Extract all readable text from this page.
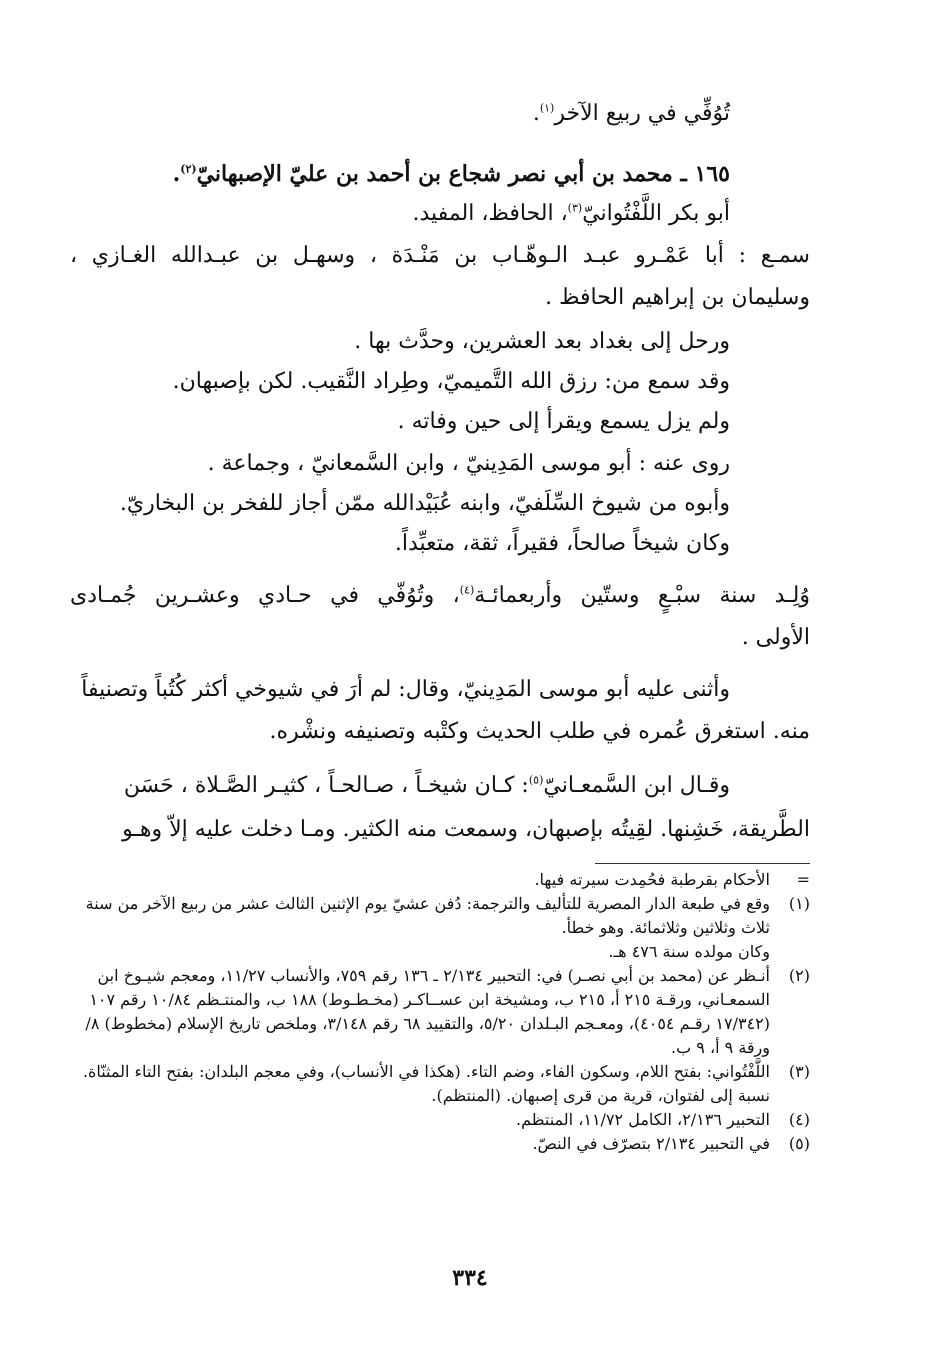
تُوُفِّي في ربيع الآخر$^{(١)}$.
١٦٥ ـ محمد بن أبي نصر شجاع بن أحمد بن عليّ الإصبهانيّ$^{(٢)}$.
أبو بكر اللَّفْتُوانيّ$^{(٣)}$، الحافظ، المفيد.
سمـع : أبا عَمْـرو عبـد الـوهّـاب بن مَنْـدَة ، وسهـل بن عبـدالله الغـازي ،
وسليمان بن إبراهيم الحافظ .
ورحل إلى بغداد بعد العشرين، وحدَّث بها .
وقد سمع من: رزق الله التَّميميّ، وطِراد النَّقيب. لكن بإصبهان.
ولم يزل يسمع ويقرأ إلى حين وفاته .
روى عنه : أبو موسى المَدِينيّ ، وابن السَّمعانيّ ، وجماعة .
وأبوه من شيوخ السِّلَفيّ، وابنه عُبَيْدالله ممّن أجاز للفخر بن البخاريّ.
وكان شيخاً صالحاً، فقيراً، ثقة، متعبِّداً.
وُلِـد سنة سبْـعٍ وستّين وأربعمائـة$^{(٤)}$، وتُوُفّي في حـادي وعشـرين جُمـادى
الأولى .
وأثنى عليه أبو موسى المَدِينيّ، وقال: لم أرَ في شيوخي أكثر كُتُباً وتصنيفاً
منه. استغرق عُمره في طلب الحديث وكتْبه وتصنيفه ونشْره.
وقـال ابن السَّمعـانيّ$^{(٥)}$: كـان شيخـاً ، صـالحـاً ، كثيـر الصَّـلاة ، حَسَن
الطَّريقة، خَشِنها. لقِيتُه بإصبهان، وسمعت منه الكثير. ومـا دخلت عليه إلاّ وهـو
=
الأحكام بقرطبة فحُمِدت سيرته فيها.
(١)
وقع في طبعة الدار المصرية للتأليف والترجمة: دُفن عشيّ يوم الإثنين الثالث عشر من ربيع الآخر من سنة ثلاث وثلاثين وثلاثمائة. وهو خطأ.
وكان مولده سنة ٤٧٦ هـ.
(٢)
أنـظر عن (محمد بن أبي نصـر) في: التحبير ٢/١٣٤ ـ ١٣٦ رقم ٧٥٩، والأنساب ١١/٢٧، ومعجم شيـوخ ابن السمعـاني، ورقـة ٢١٥ أ، ٢١٥ ب، ومشيخة ابن عســاكـر (مخـطـوط) ١٨٨ ب، والمنتـظم ١٠/٨٤ رقم ١٠٧ (١٧/٣٤٢ رقـم ٤٠٥٤)، ومعـجم البـلدان ٥/٢٠، والتقييد ٦٨ رقم ٣/١٤٨، وملخص تاريخ الإسلام (مخطوط) ٨/ ورقة ٩ أ، ٩ ب.
(٣)
اللَّفْتُواني: بفتح اللام، وسكون الفاء، وضم التاء. (هكذا في الأنساب)، وفي معجم البلدان: بفتح التاء المثنّاة. نسبة إلى لفتوان، قرية من قرى إصبهان. (المنتظم).
(٤)
التحبير ٢/١٣٦، الكامل ١١/٧٢، المنتظم.
(٥)
في التحبير ٢/١٣٤ بتصرّف في النصّ.
٣٣٤
